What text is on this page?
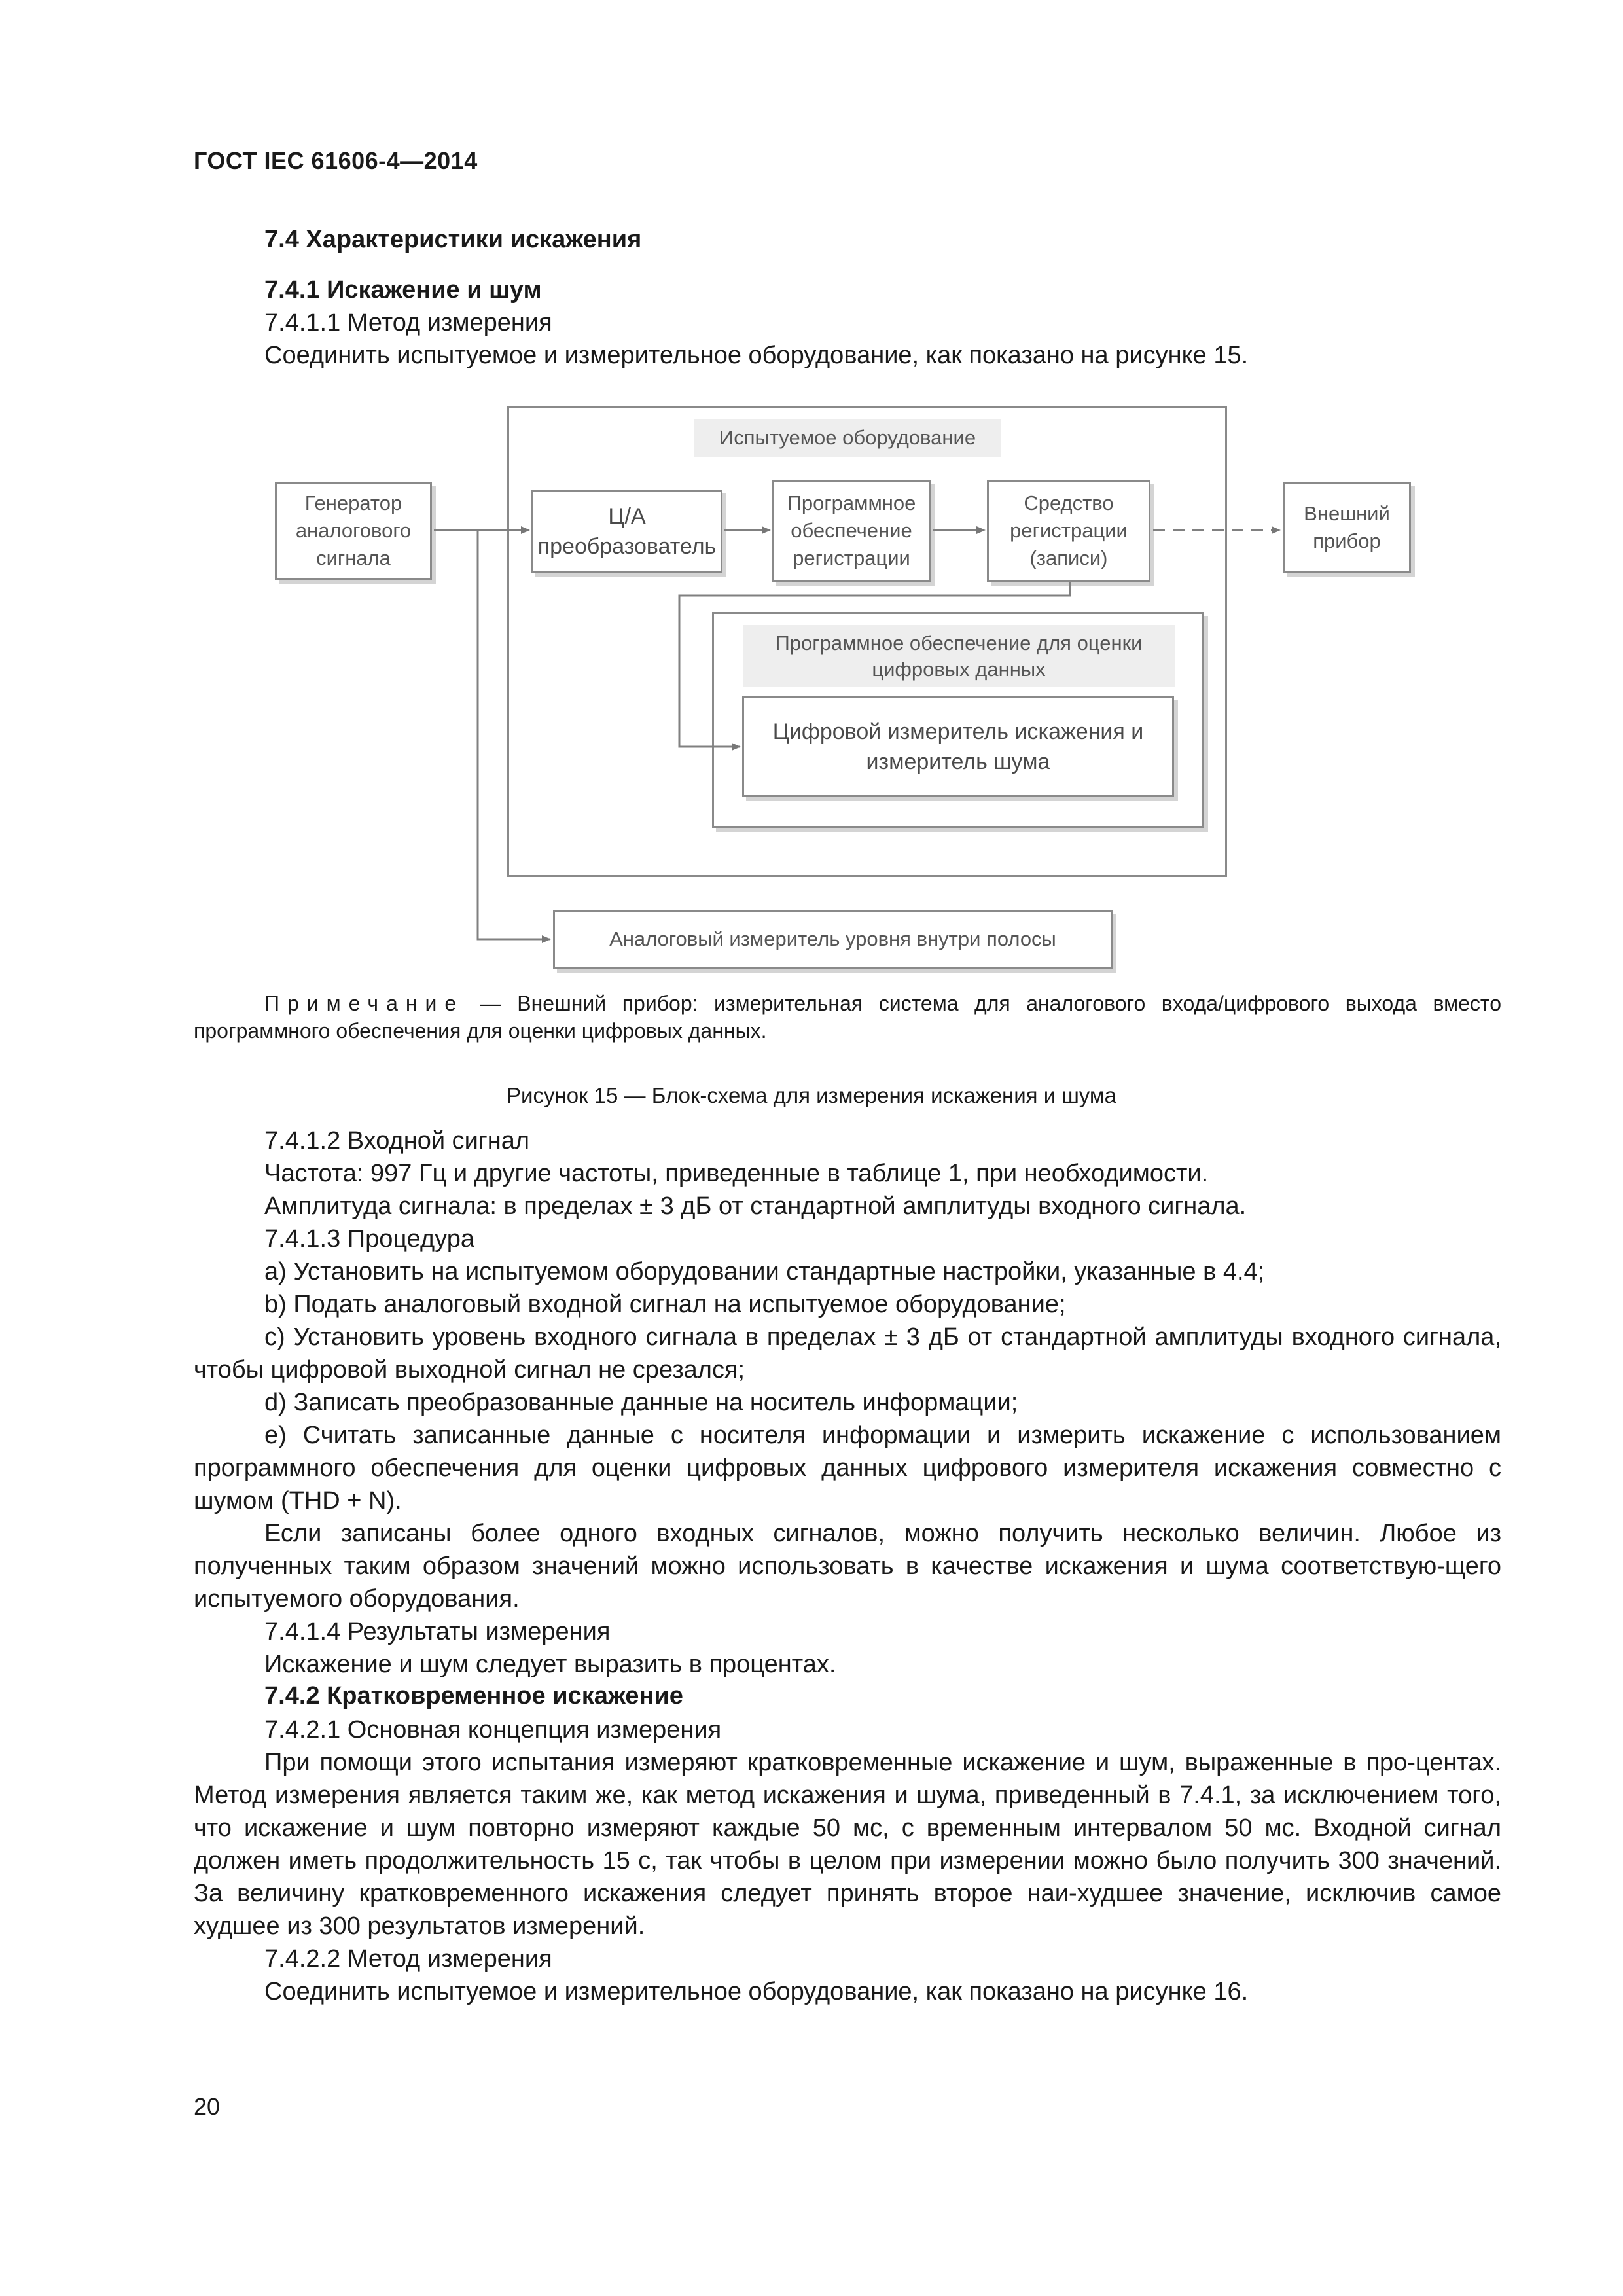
ГОСТ IEC 61606-4—2014
7.4 Характеристики искажения
7.4.1 Искажение и шум
7.4.1.1 Метод измерения
Соединить испытуемое и измерительное оборудование, как показано на рисунке 15.
Испытуемое оборудование
Генератор аналогового сигнала
Ц/А преобразователь
Программное обеспечение регистрации
Средство регистрации (записи)
Внешний прибор
Программное обеспечение для оценки цифровых данных
Цифровой измеритель искажения и измеритель шума
Аналоговый измеритель уровня внутри полосы
Примечание — Внешний прибор: измерительная система для аналогового входа/цифрового выхода вместо программного обеспечения для оценки цифровых данных.
Рисунок 15 — Блок-схема для измерения искажения и шума
7.4.1.2 Входной сигнал
Частота: 997 Гц и другие частоты, приведенные в таблице 1, при необходимости.
Амплитуда сигнала: в пределах ± 3 дБ от стандартной амплитуды входного сигнала.
7.4.1.3 Процедура
a) Установить на испытуемом оборудовании стандартные настройки, указанные в 4.4;
b) Подать аналоговый входной сигнал на испытуемое оборудование;
c) Установить уровень входного сигнала в пределах ± 3 дБ от стандартной амплитуды входного сигнала, чтобы цифровой выходной сигнал не срезался;
d) Записать преобразованные данные на носитель информации;
e) Считать записанные данные с носителя информации и измерить искажение с использованием программного обеспечения для оценки цифровых данных цифрового измерителя искажения совместно с шумом (THD + N).
Если записаны более одного входных сигналов, можно получить несколько величин. Любое из полученных таким образом значений можно использовать в качестве искажения и шума соответствую-щего испытуемого оборудования.
7.4.1.4 Результаты измерения
Искажение и шум следует выразить в процентах.
7.4.2 Кратковременное искажение
7.4.2.1 Основная концепция измерения
При помощи этого испытания измеряют кратковременные искажение и шум, выраженные в про-центах. Метод измерения является таким же, как метод искажения и шума, приведенный в 7.4.1, за исключением того, что искажение и шум повторно измеряют каждые 50 мс, с временным интервалом 50 мс. Входной сигнал должен иметь продолжительность 15 с, так чтобы в целом при измерении можно было получить 300 значений. За величину кратковременного искажения следует принять второе наи-худшее значение, исключив самое худшее из 300 результатов измерений.
7.4.2.2 Метод измерения
Соединить испытуемое и измерительное оборудование, как показано на рисунке 16.
20
